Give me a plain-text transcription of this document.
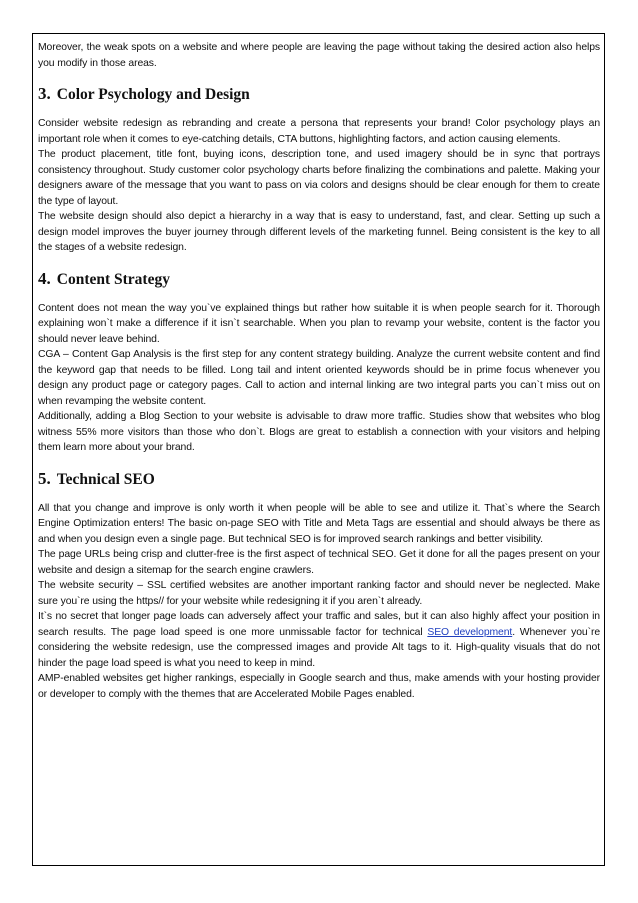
Moreover, the weak spots on a website and where people are leaving the page without taking the desired action also helps you modify in those areas.

3. Color Psychology and Design

Consider website redesign as rebranding and create a persona that represents your brand! Color psychology plays an important role when it comes to eye-catching details, CTA buttons, highlighting factors, and action causing elements.

The product placement, title font, buying icons, description tone, and used imagery should be in sync that portrays consistency throughout. Study customer color psychology charts before finalizing the combinations and palette. Making your designers aware of the message that you want to pass on via colors and designs should be clear enough for them to create the type of layout.

The website design should also depict a hierarchy in a way that is easy to understand, fast, and clear. Setting up such a design model improves the buyer journey through different levels of the marketing funnel. Being consistent is the key to all the stages of a website redesign.

4. Content Strategy

Content does not mean the way you`ve explained things but rather how suitable it is when people search for it. Thorough explaining won`t make a difference if it isn`t searchable. When you plan to revamp your website, content is the factor you should never leave behind.

CGA – Content Gap Analysis is the first step for any content strategy building. Analyze the current website content and find the keyword gap that needs to be filled. Long tail and intent oriented keywords should be in prime focus whenever you design any product page or category pages. Call to action and internal linking are two integral parts you can`t miss out on when revamping the website content.

Additionally, adding a Blog Section to your website is advisable to draw more traffic. Studies show that websites who blog witness 55% more visitors than those who don`t. Blogs are great to establish a connection with your visitors and helping them learn more about your brand.

5. Technical SEO

All that you change and improve is only worth it when people will be able to see and utilize it. That`s where the Search Engine Optimization enters! The basic on-page SEO with Title and Meta Tags are essential and should always be there as and when you design even a single page. But technical SEO is for improved search rankings and better visibility.

The page URLs being crisp and clutter-free is the first aspect of technical SEO. Get it done for all the pages present on your website and design a sitemap for the search engine crawlers.

The website security – SSL certified websites are another important ranking factor and should never be neglected. Make sure you`re using the https// for your website while redesigning it if you aren`t already.

It`s no secret that longer page loads can adversely affect your traffic and sales, but it can also highly affect your position in search results. The page load speed is one more unmissable factor for technical SEO development. Whenever you`re considering the website redesign, use the compressed images and provide Alt tags to it. High-quality visuals that do not hinder the page load speed is what you need to keep in mind.

AMP-enabled websites get higher rankings, especially in Google search and thus, make amends with your hosting provider or developer to comply with the themes that are Accelerated Mobile Pages enabled.
